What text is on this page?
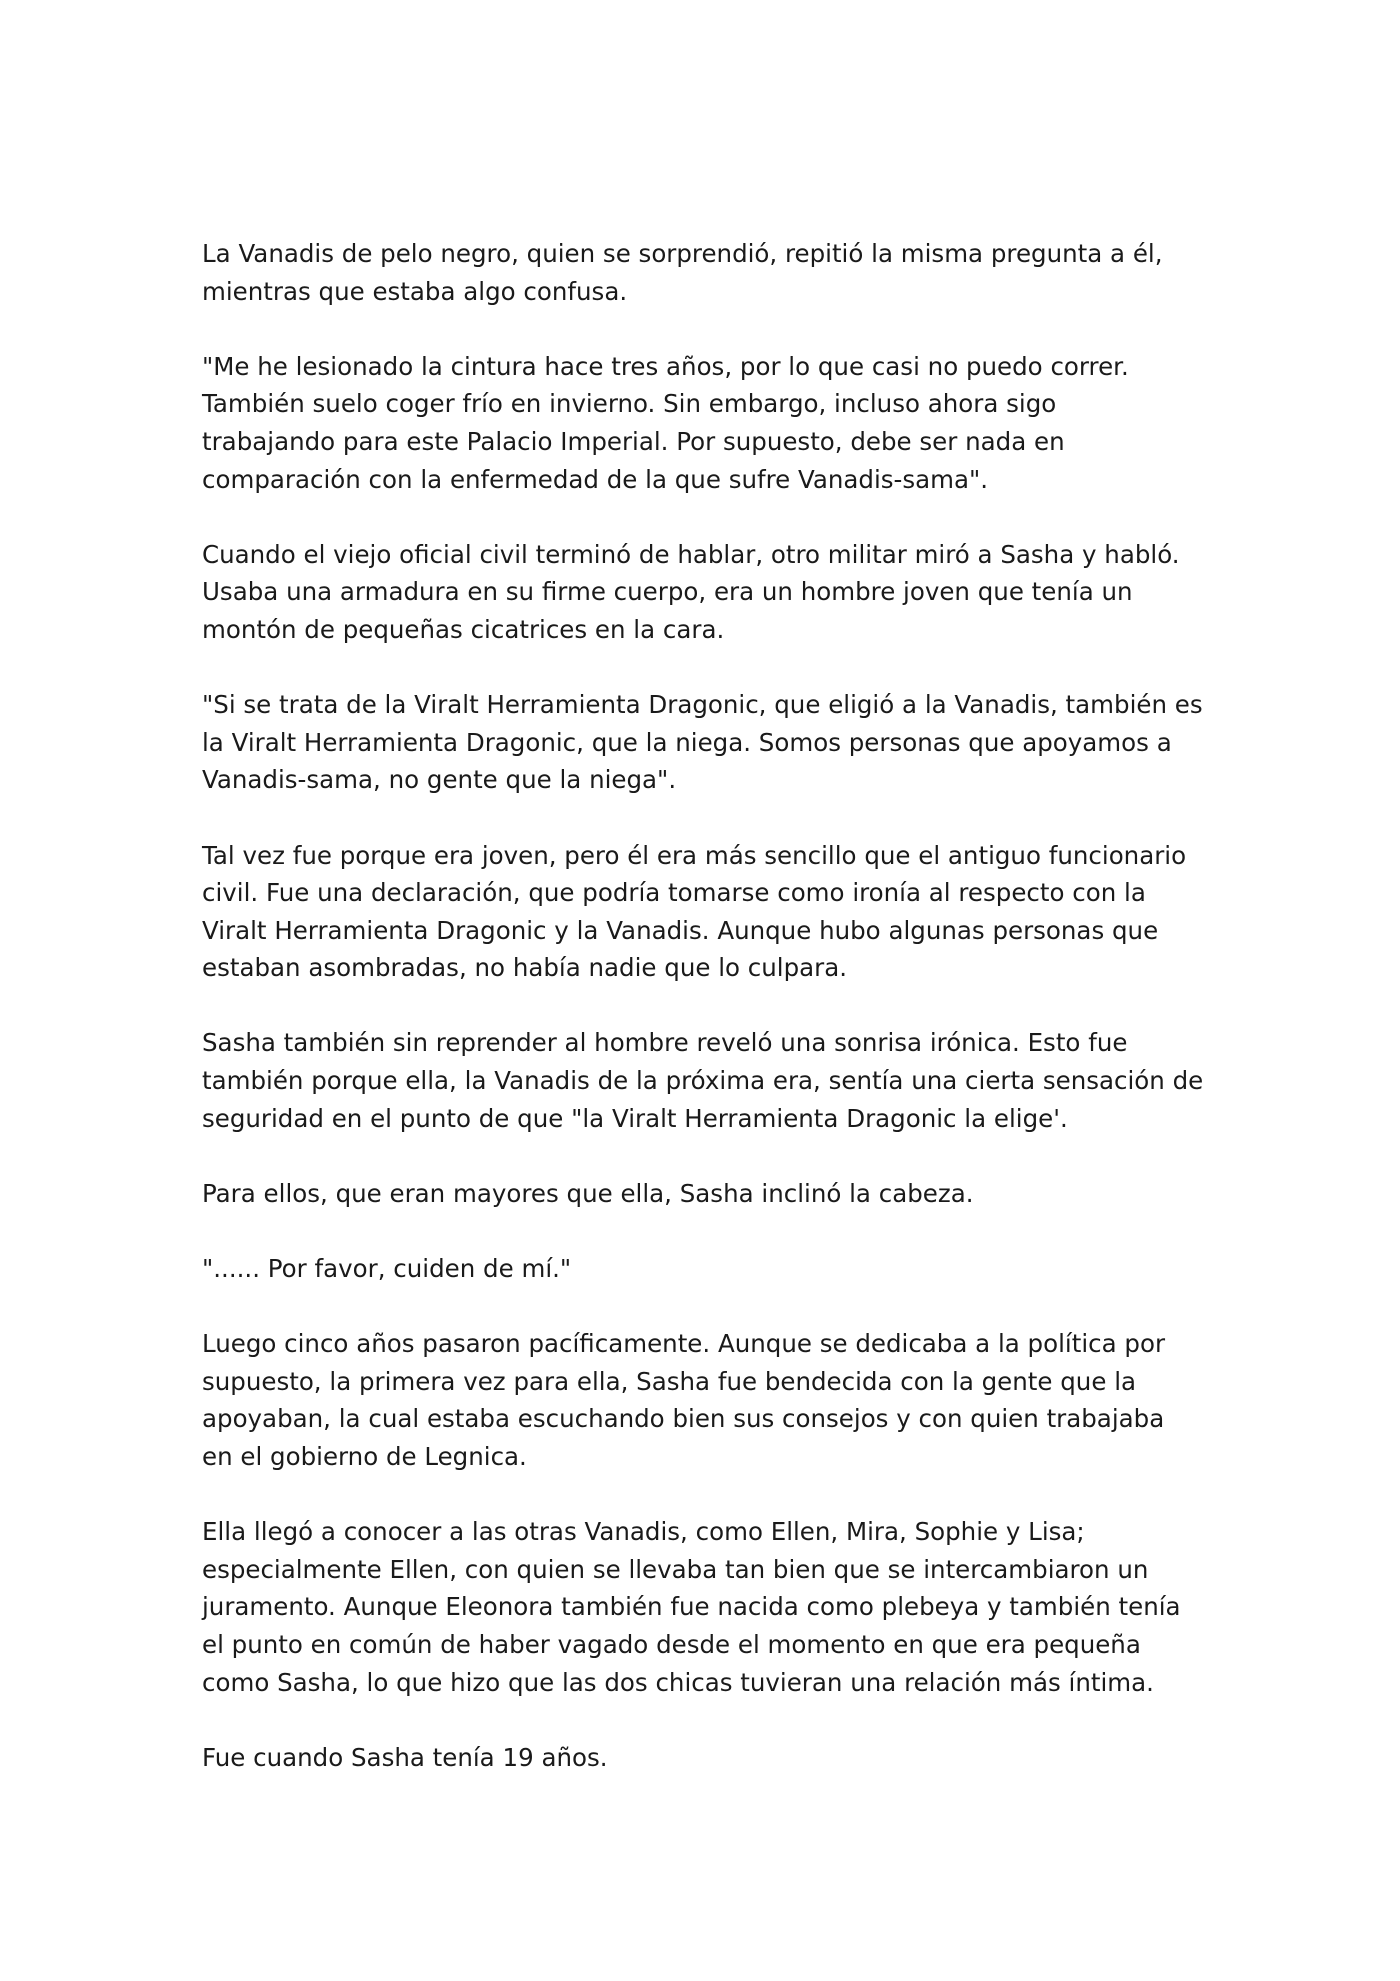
La Vanadis de pelo negro, quien se sorprendió, repitió la misma pregunta a él,
mientras que estaba algo confusa.

"Me he lesionado la cintura hace tres años, por lo que casi no puedo correr.
También suelo coger frío en invierno. Sin embargo, incluso ahora sigo
trabajando para este Palacio Imperial. Por supuesto, debe ser nada en
comparación con la enfermedad de la que sufre Vanadis-sama".

Cuando el viejo oficial civil terminó de hablar, otro militar miró a Sasha y habló.
Usaba una armadura en su firme cuerpo, era un hombre joven que tenía un
montón de pequeñas cicatrices en la cara.

"Si se trata de la Viralt Herramienta Dragonic, que eligió a la Vanadis, también es
la Viralt Herramienta Dragonic, que la niega. Somos personas que apoyamos a
Vanadis-sama, no gente que la niega".

Tal vez fue porque era joven, pero él era más sencillo que el antiguo funcionario
civil. Fue una declaración, que podría tomarse como ironía al respecto con la
Viralt Herramienta Dragonic y la Vanadis. Aunque hubo algunas personas que
estaban asombradas, no había nadie que lo culpara.

Sasha también sin reprender al hombre reveló una sonrisa irónica. Esto fue
también porque ella, la Vanadis de la próxima era, sentía una cierta sensación de
seguridad en el punto de que "la Viralt Herramienta Dragonic la elige'.

Para ellos, que eran mayores que ella, Sasha inclinó la cabeza.

"...... Por favor, cuiden de mí."

Luego cinco años pasaron pacíficamente. Aunque se dedicaba a la política por
supuesto, la primera vez para ella, Sasha fue bendecida con la gente que la
apoyaban, la cual estaba escuchando bien sus consejos y con quien trabajaba
en el gobierno de Legnica.

Ella llegó a conocer a las otras Vanadis, como Ellen, Mira, Sophie y Lisa;
especialmente Ellen, con quien se llevaba tan bien que se intercambiaron un
juramento. Aunque Eleonora también fue nacida como plebeya y también tenía
el punto en común de haber vagado desde el momento en que era pequeña
como Sasha, lo que hizo que las dos chicas tuvieran una relación más íntima.

Fue cuando Sasha tenía 19 años.
